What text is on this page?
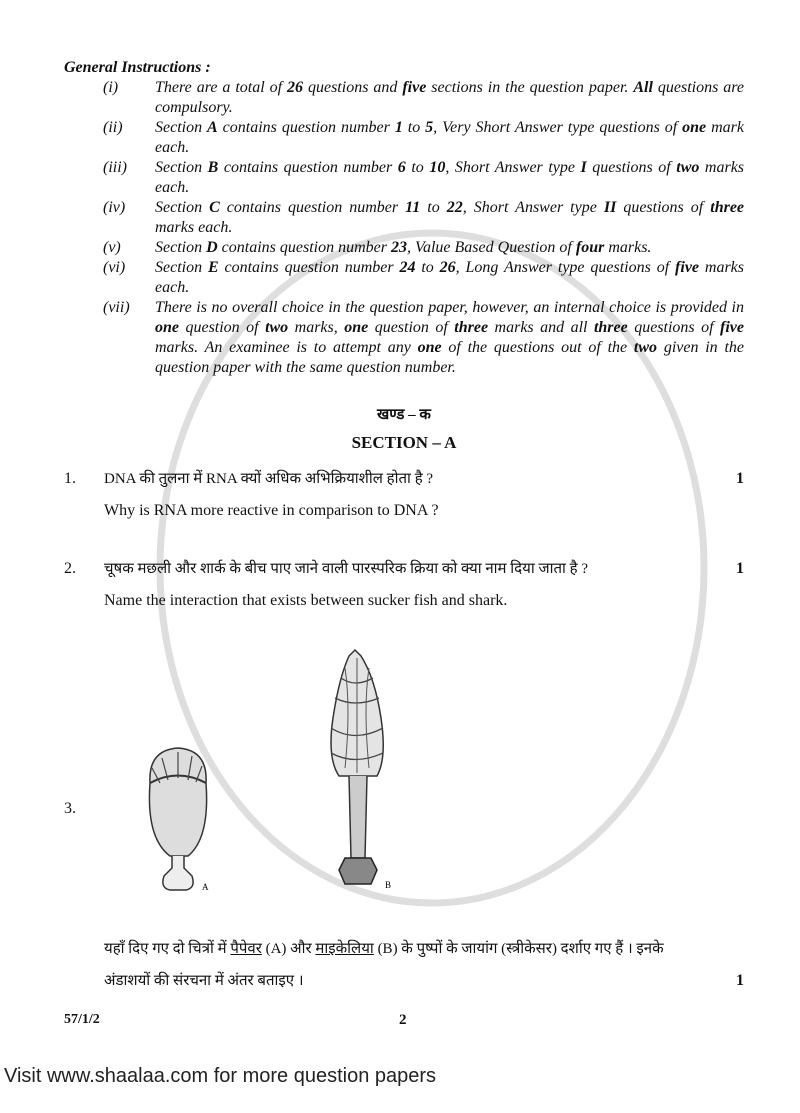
General Instructions :
(i)	There are a total of 26 questions and five sections in the question paper. All questions are compulsory.
(ii)	Section A contains question number 1 to 5, Very Short Answer type questions of one mark each.
(iii)	Section B contains question number 6 to 10, Short Answer type I questions of two marks each.
(iv)	Section C contains question number 11 to 22, Short Answer type II questions of three marks each.
(v)	Section D contains question number 23, Value Based Question of four marks.
(vi)	Section E contains question number 24 to 26, Long Answer type questions of five marks each.
(vii)	There is no overall choice in the question paper, however, an internal choice is provided in one question of two marks, one question of three marks and all three questions of five marks. An examinee is to attempt any one of the questions out of the two given in the question paper with the same question number.
खण्ड – क
SECTION – A
1.	DNA की तुलना में RNA क्यों अधिक अभिक्रियाशील होता है ?
Why is RNA more reactive in comparison to DNA ?
1
2.	चूषक मछली और शार्क के बीच पाए जाने वाली पारस्परिक क्रिया को क्या नाम दिया जाता है ?
Name the interaction that exists between sucker fish and shark.
1
3.
A	B
यहाँ दिए गए दो चित्रों में पैपेवर (A) और माइकेलिया (B) के पुष्पों के जायांग (स्त्रीकेसर) दर्शाए गए हैं । इनके
अंडाशयों की संरचना में अंतर बताइए ।	1
57/1/2	2
Visit www.shaalaa.com for more question papers
